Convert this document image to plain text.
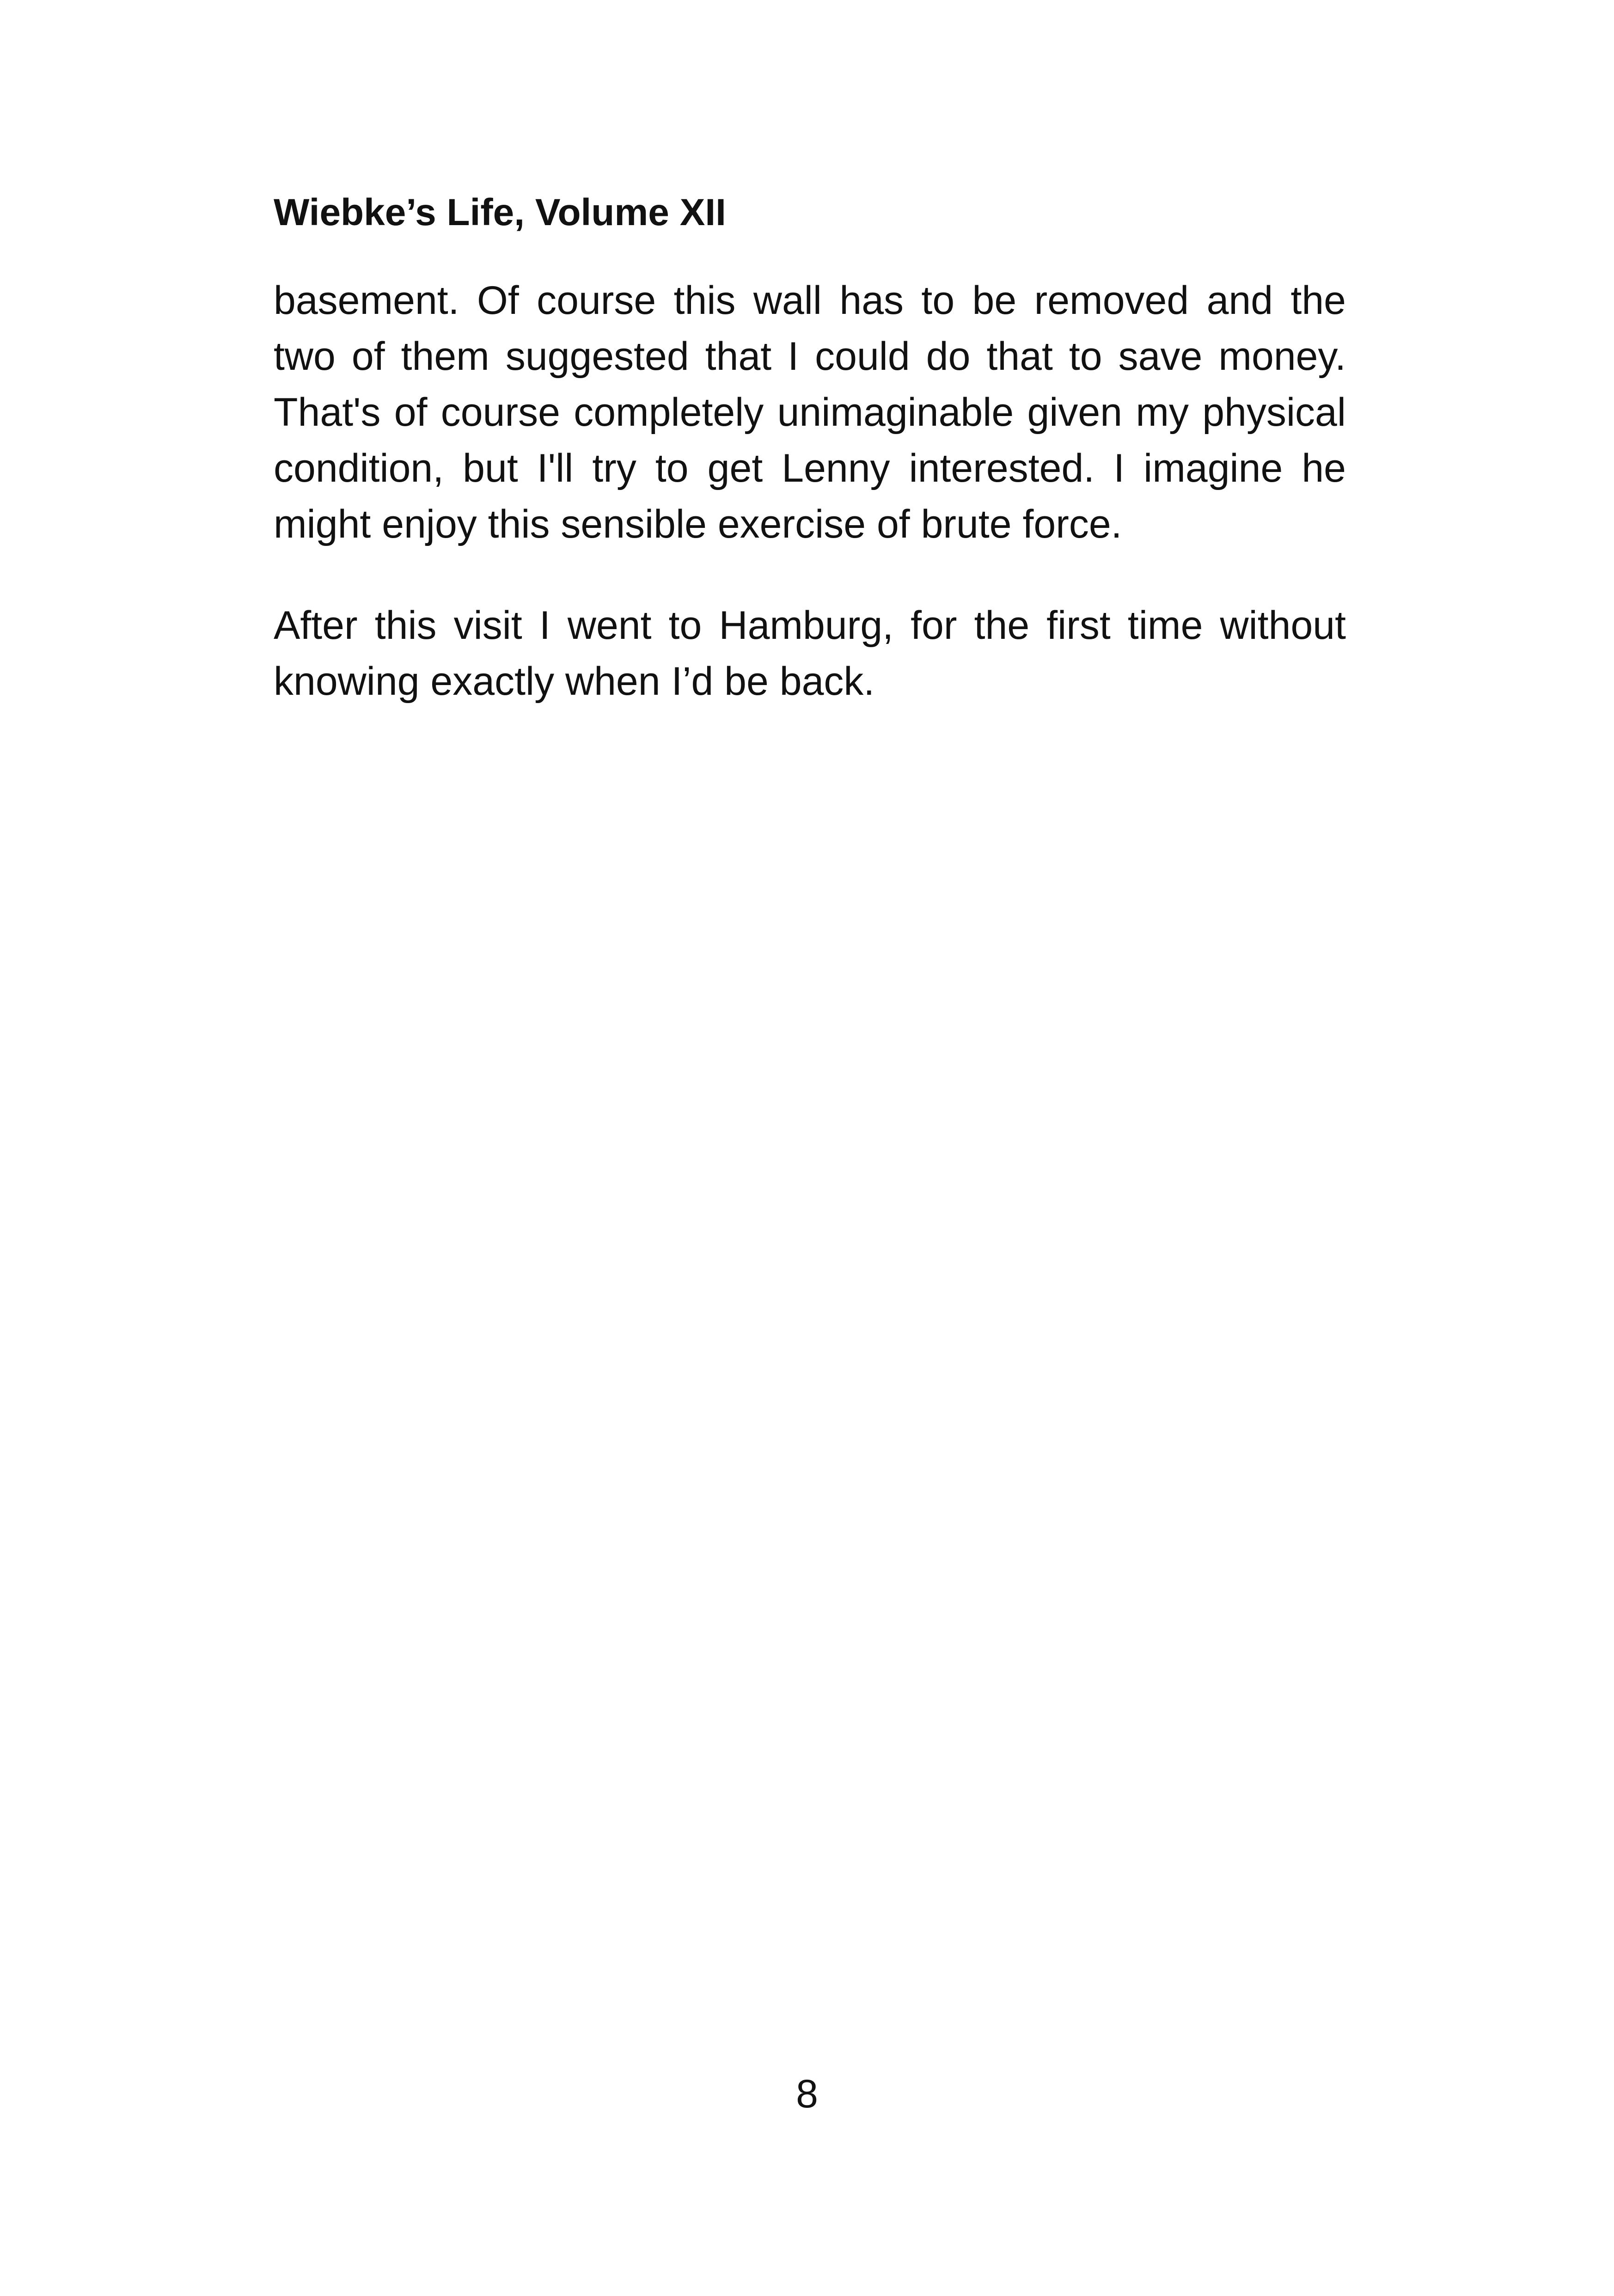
Wiebke’s Life, Volume XII

basement. Of course this wall has to be removed and the two of them suggested that I could do that to save money. That's of course completely unimaginable given my physical condition, but I'll try to get Lenny interested. I imagine he might enjoy this sensible exercise of brute force.

After this visit I went to Hamburg, for the first time without knowing exactly when I’d be back.

8
